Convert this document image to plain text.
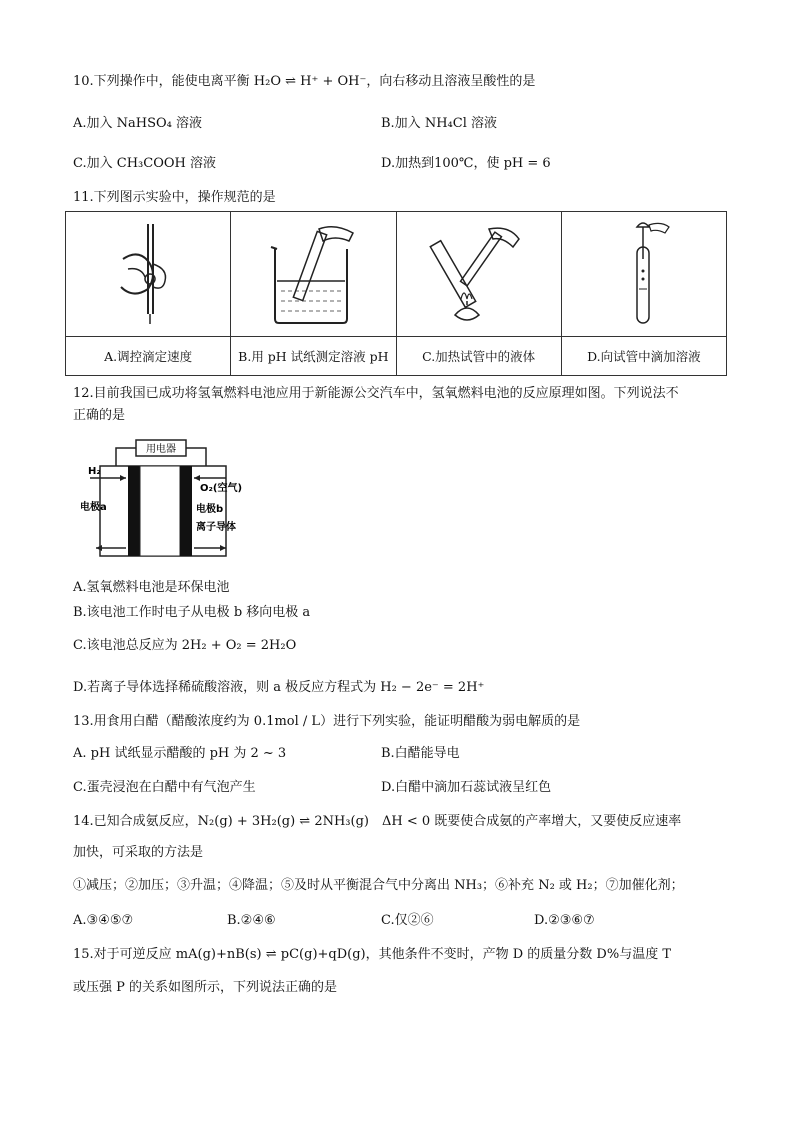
10.下列操作中，能使电离平衡 H₂O ⇌ H⁺ + OH⁻，向右移动且溶液呈酸性的是
A.加入 NaHSO₄ 溶液	B.加入 NH₄Cl 溶液
C.加入 CH₃COOH 溶液	D.加热到100℃，使 pH = 6
11.下列图示实验中，操作规范的是

A.调控滴定速度	B.用 pH 试纸测定溶液 pH	C.加热试管中的液体	D.向试管中滴加溶液
12.目前我国已成功将氢氧燃料电池应用于新能源公交汽车中，氢氧燃料电池的反应原理如图。下列说法不
正确的是
用电器
H₂
O₂(空气)
电极a	电极b
离子导体
A.氢氧燃料电池是环保电池
B.该电池工作时电子从电极 b 移向电极 a
C.该电池总反应为 2H₂ + O₂ = 2H₂O
D.若离子导体选择稀硫酸溶液，则 a 极反应方程式为 H₂ − 2e⁻ = 2H⁺
13.用食用白醋（醋酸浓度约为 0.1mol / L）进行下列实验，能证明醋酸为弱电解质的是
A. pH 试纸显示醋酸的 pH 为 2 ~ 3	B.白醋能导电
C.蛋壳浸泡在白醋中有气泡产生	D.白醋中滴加石蕊试液呈红色
14.已知合成氨反应，N₂(g) + 3H₂(g) ⇌ 2NH₃(g)　ΔH < 0 既要使合成氨的产率增大，又要使反应速率
加快，可采取的方法是
①减压；②加压；③升温；④降温；⑤及时从平衡混合气中分离出 NH₃；⑥补充 N₂ 或 H₂；⑦加催化剂；
A.③④⑤⑦	B.②④⑥	C.仅②⑥	D.②③⑥⑦
15.对于可逆反应 mA(g)+nB(s) ⇌ pC(g)+qD(g)，其他条件不变时，产物 D 的质量分数 D%与温度 T
或压强 P 的关系如图所示，下列说法正确的是
